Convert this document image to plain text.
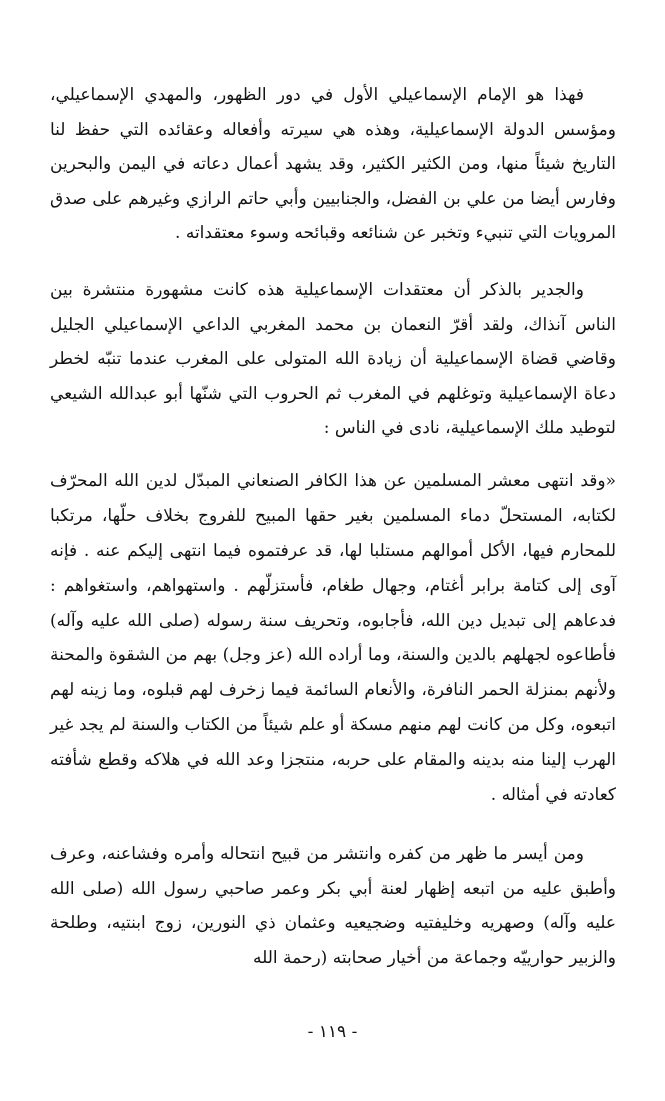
فهذا هو الإمام الإسماعيلي الأول في دور الظهور، والمهدي الإسماعيلي، ومؤسس الدولة الإسماعيلية، وهذه هي سيرته وأفعاله وعقائده التي حفظ لنا التاريخ شيئاً منها، ومن الكثير الكثير، وقد يشهد أعمال دعاته في اليمن والبحرين وفارس أيضا من علي بن الفضل، والجنابيين وأبي حاتم الرازي وغيرهم على صدق المرويات التي تنبيء وتخبر عن شنائعه وقبائحه وسوء معتقداته .

والجدير بالذكر أن معتقدات الإسماعيلية هذه كانت مشهورة منتشرة بين الناس آنذاك، ولقد أقرّ النعمان بن محمد المغربي الداعي الإسماعيلي الجليل وقاضي قضاة الإسماعيلية أن زيادة الله المتولى على المغرب عندما تنبّه لخطر دعاة الإسماعيلية وتوغلهم في المغرب ثم الحروب التي شنّها أبو عبدالله الشيعي لتوطيد ملك الإسماعيلية، نادى في الناس :

«وقد انتهى معشر المسلمين عن هذا الكافر الصنعاني المبدّل لدين الله المحرّف لكتابه، المستحلّ دماء المسلمين بغير حقها المبيح للفروج بخلاف حلّها، مرتكبا للمحارم فيها، الأكل أموالهم مستلبا لها، قد عرفتموه فيما انتهى إليكم عنه . فإنه آوى إلى كتامة برابر أغتام، وجهال طغام، فأستزلّهم . واستهواهم، واستغواهم : فدعاهم إلى تبديل دين الله، فأجابوه، وتحريف سنة رسوله (صلى الله عليه وآله) فأطاعوه لجهلهم بالدين والسنة، وما أراده الله (عز وجل) بهم من الشقوة والمحنة ولأنهم بمنزلة الحمر النافرة، والأنعام السائمة فيما زخرف لهم قبلوه، وما زينه لهم اتبعوه، وكل من كانت لهم منهم مسكة أو علم شيئاً من الكتاب والسنة لم يجد غير الهرب إلينا منه بدينه والمقام على حربه، منتجزا وعد الله في هلاكه وقطع شأفته كعادته في أمثاله .

ومن أيسر ما ظهر من كفره وانتشر من قبيح انتحاله وأمره وفشاعنه، وعرف وأطبق عليه من اتبعه إظهار لعنة أبي بكر وعمر صاحبي رسول الله (صلى الله عليه وآله) وصهريه وخليفتيه وضجيعيه وعثمان ذي النورين، زوج ابنتيه، وطلحة والزبير حوارييّه وجماعة من أخيار صحابته (رحمة الله

- ١١٩ -
